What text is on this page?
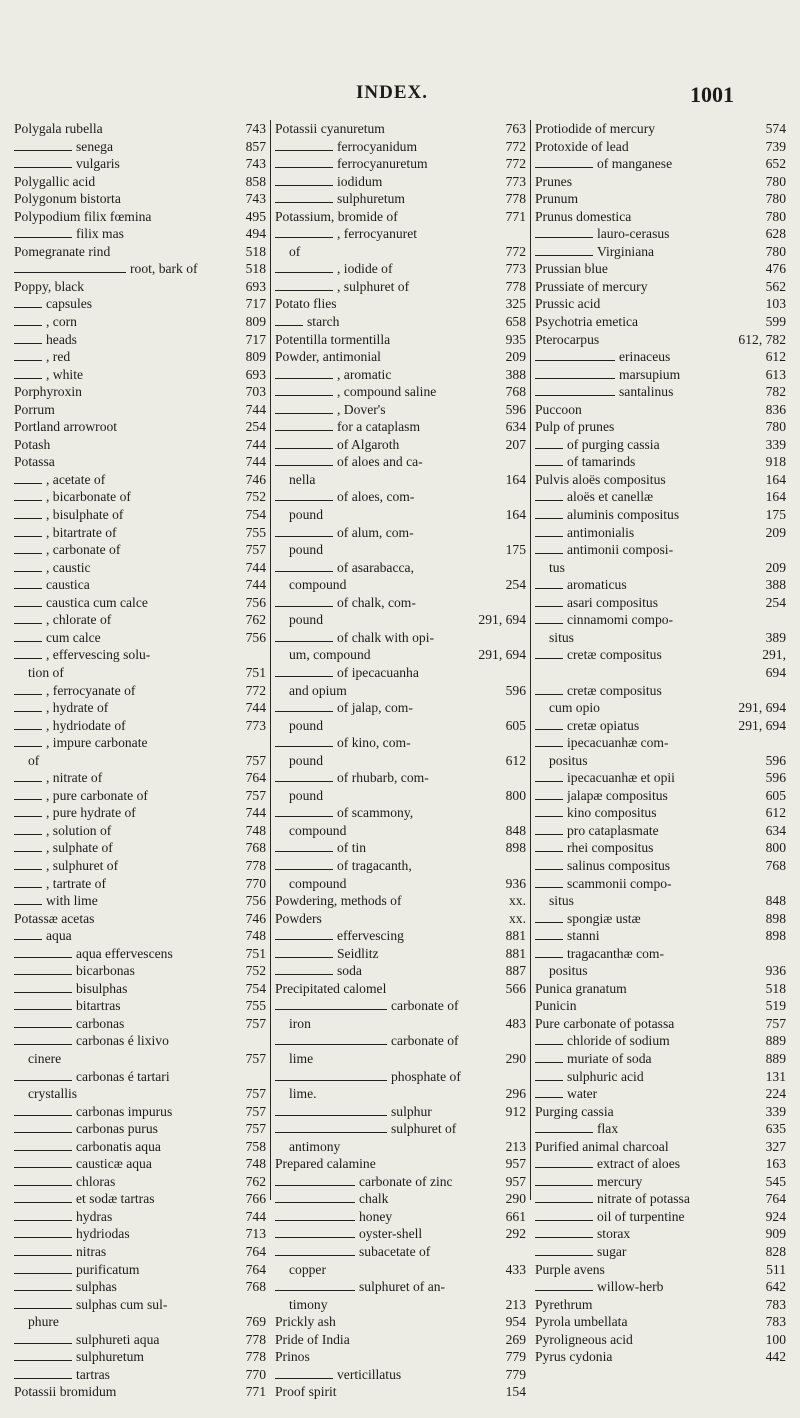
INDEX.	1001
Polygala rubella	743
senega	857
vulgaris	743
Polygallic acid	858
Polygonum bistorta	743
Polypodium filix fœmina	495
filix mas	494
Pomegranate rind	518
root, bark of	518
Poppy, black	693
capsules	717
, corn	809
heads	717
, red	809
, white	693
Porphyroxin	703
Porrum	744
Portland arrowroot	254
Potash	744
Potassa	744
, acetate of	746
, bicarbonate of	752
, bisulphate of	754
, bitartrate of	755
, carbonate of	757
, caustic	744
caustica	744
caustica cum calce	756
, chlorate of	762
cum calce	756
, effervescing solu-
tion of	751
, ferrocyanate of	772
, hydrate of	744
, hydriodate of	773
, impure carbonate
of	757
, nitrate of	764
, pure carbonate of	757
, pure hydrate of	744
, solution of	748
, sulphate of	768
, sulphuret of	778
, tartrate of	770
with lime	756
Potassæ acetas	746
aqua	748
aqua effervescens	751
bicarbonas	752
bisulphas	754
bitartras	755
carbonas	757
carbonas é lixivo
cinere	757
carbonas é tartari
crystallis	757
carbonas impurus	757
carbonas purus	757
carbonatis aqua	758
causticæ aqua	748
chloras	762
et sodæ tartras	766
hydras	744
hydriodas	713
nitras	764
purificatum	764
sulphas	768
sulphas cum sul-
phure	769
sulphureti aqua	778
sulphuretum	778
tartras	770
Potassii bromidum	771
Potassii cyanuretum	763
ferrocyanidum	772
ferrocyanuretum	772
iodidum	773
sulphuretum	778
Potassium, bromide of	771
, ferrocyanuret
of	772
, iodide of	773
, sulphuret of	778
Potato flies	325
starch	658
Potentilla tormentilla	935
Powder, antimonial	209
, aromatic	388
, compound saline	768
, Dover's	596
for a cataplasm	634
of Algaroth	207
of aloes and ca-
nella	164
of aloes, com-
pound	164
of alum, com-
pound	175
of asarabacca,
compound	254
of chalk, com-
pound	291, 694
of chalk with opi-
um, compound	291, 694
of ipecacuanha
and opium	596
of jalap, com-
pound	605
of kino, com-
pound	612
of rhubarb, com-
pound	800
of scammony,
compound	848
of tin	898
of tragacanth,
compound	936
Powdering, methods of	xx.
Powders	xx.
effervescing	881
Seidlitz	881
soda	887
Precipitated calomel	566
carbonate of
iron	483
carbonate of
lime	290
phosphate of
lime.	296
sulphur	912
sulphuret of
antimony	213
Prepared calamine	957
carbonate of zinc	957
chalk	290
honey	661
oyster-shell	292
subacetate of
copper	433
sulphuret of an-
timony	213
Prickly ash	954
Pride of India	269
Prinos	779
verticillatus	779
Proof spirit	154
Protiodide of mercury	574
Protoxide of lead	739
of manganese	652
Prunes	780
Prunum	780
Prunus domestica	780
lauro-cerasus	628
Virginiana	780
Prussian blue	476
Prussiate of mercury	562
Prussic acid	103
Psychotria emetica	599
Pterocarpus	612, 782
erinaceus	612
marsupium	613
santalinus	782
Puccoon	836
Pulp of prunes	780
of purging cassia	339
of tamarinds	918
Pulvis aloës compositus	164
aloës et canellæ	164
aluminis compositus	175
antimonialis	209
antimonii composi-
tus	209
aromaticus	388
asari compositus	254
cinnamomi compo-
situs	389
cretæ compositus	291,
694
cretæ compositus
cum opio	291, 694
cretæ opiatus	291, 694
ipecacuanhæ com-
positus	596
ipecacuanhæ et opii	596
jalapæ compositus	605
kino compositus	612
pro cataplasmate	634
rhei compositus	800
salinus compositus	768
scammonii compo-
situs	848
spongiæ ustæ	898
stanni	898
tragacanthæ com-
positus	936
Punica granatum	518
Punicin	519
Pure carbonate of potassa	757
chloride of sodium	889
muriate of soda	889
sulphuric acid	131
water	224
Purging cassia	339
flax	635
Purified animal charcoal	327
extract of aloes	163
mercury	545
nitrate of potassa	764
oil of turpentine	924
storax	909
sugar	828
Purple avens	511
willow-herb	642
Pyrethrum	783
Pyrola umbellata	783
Pyroligneous acid	100
Pyrus cydonia	442
